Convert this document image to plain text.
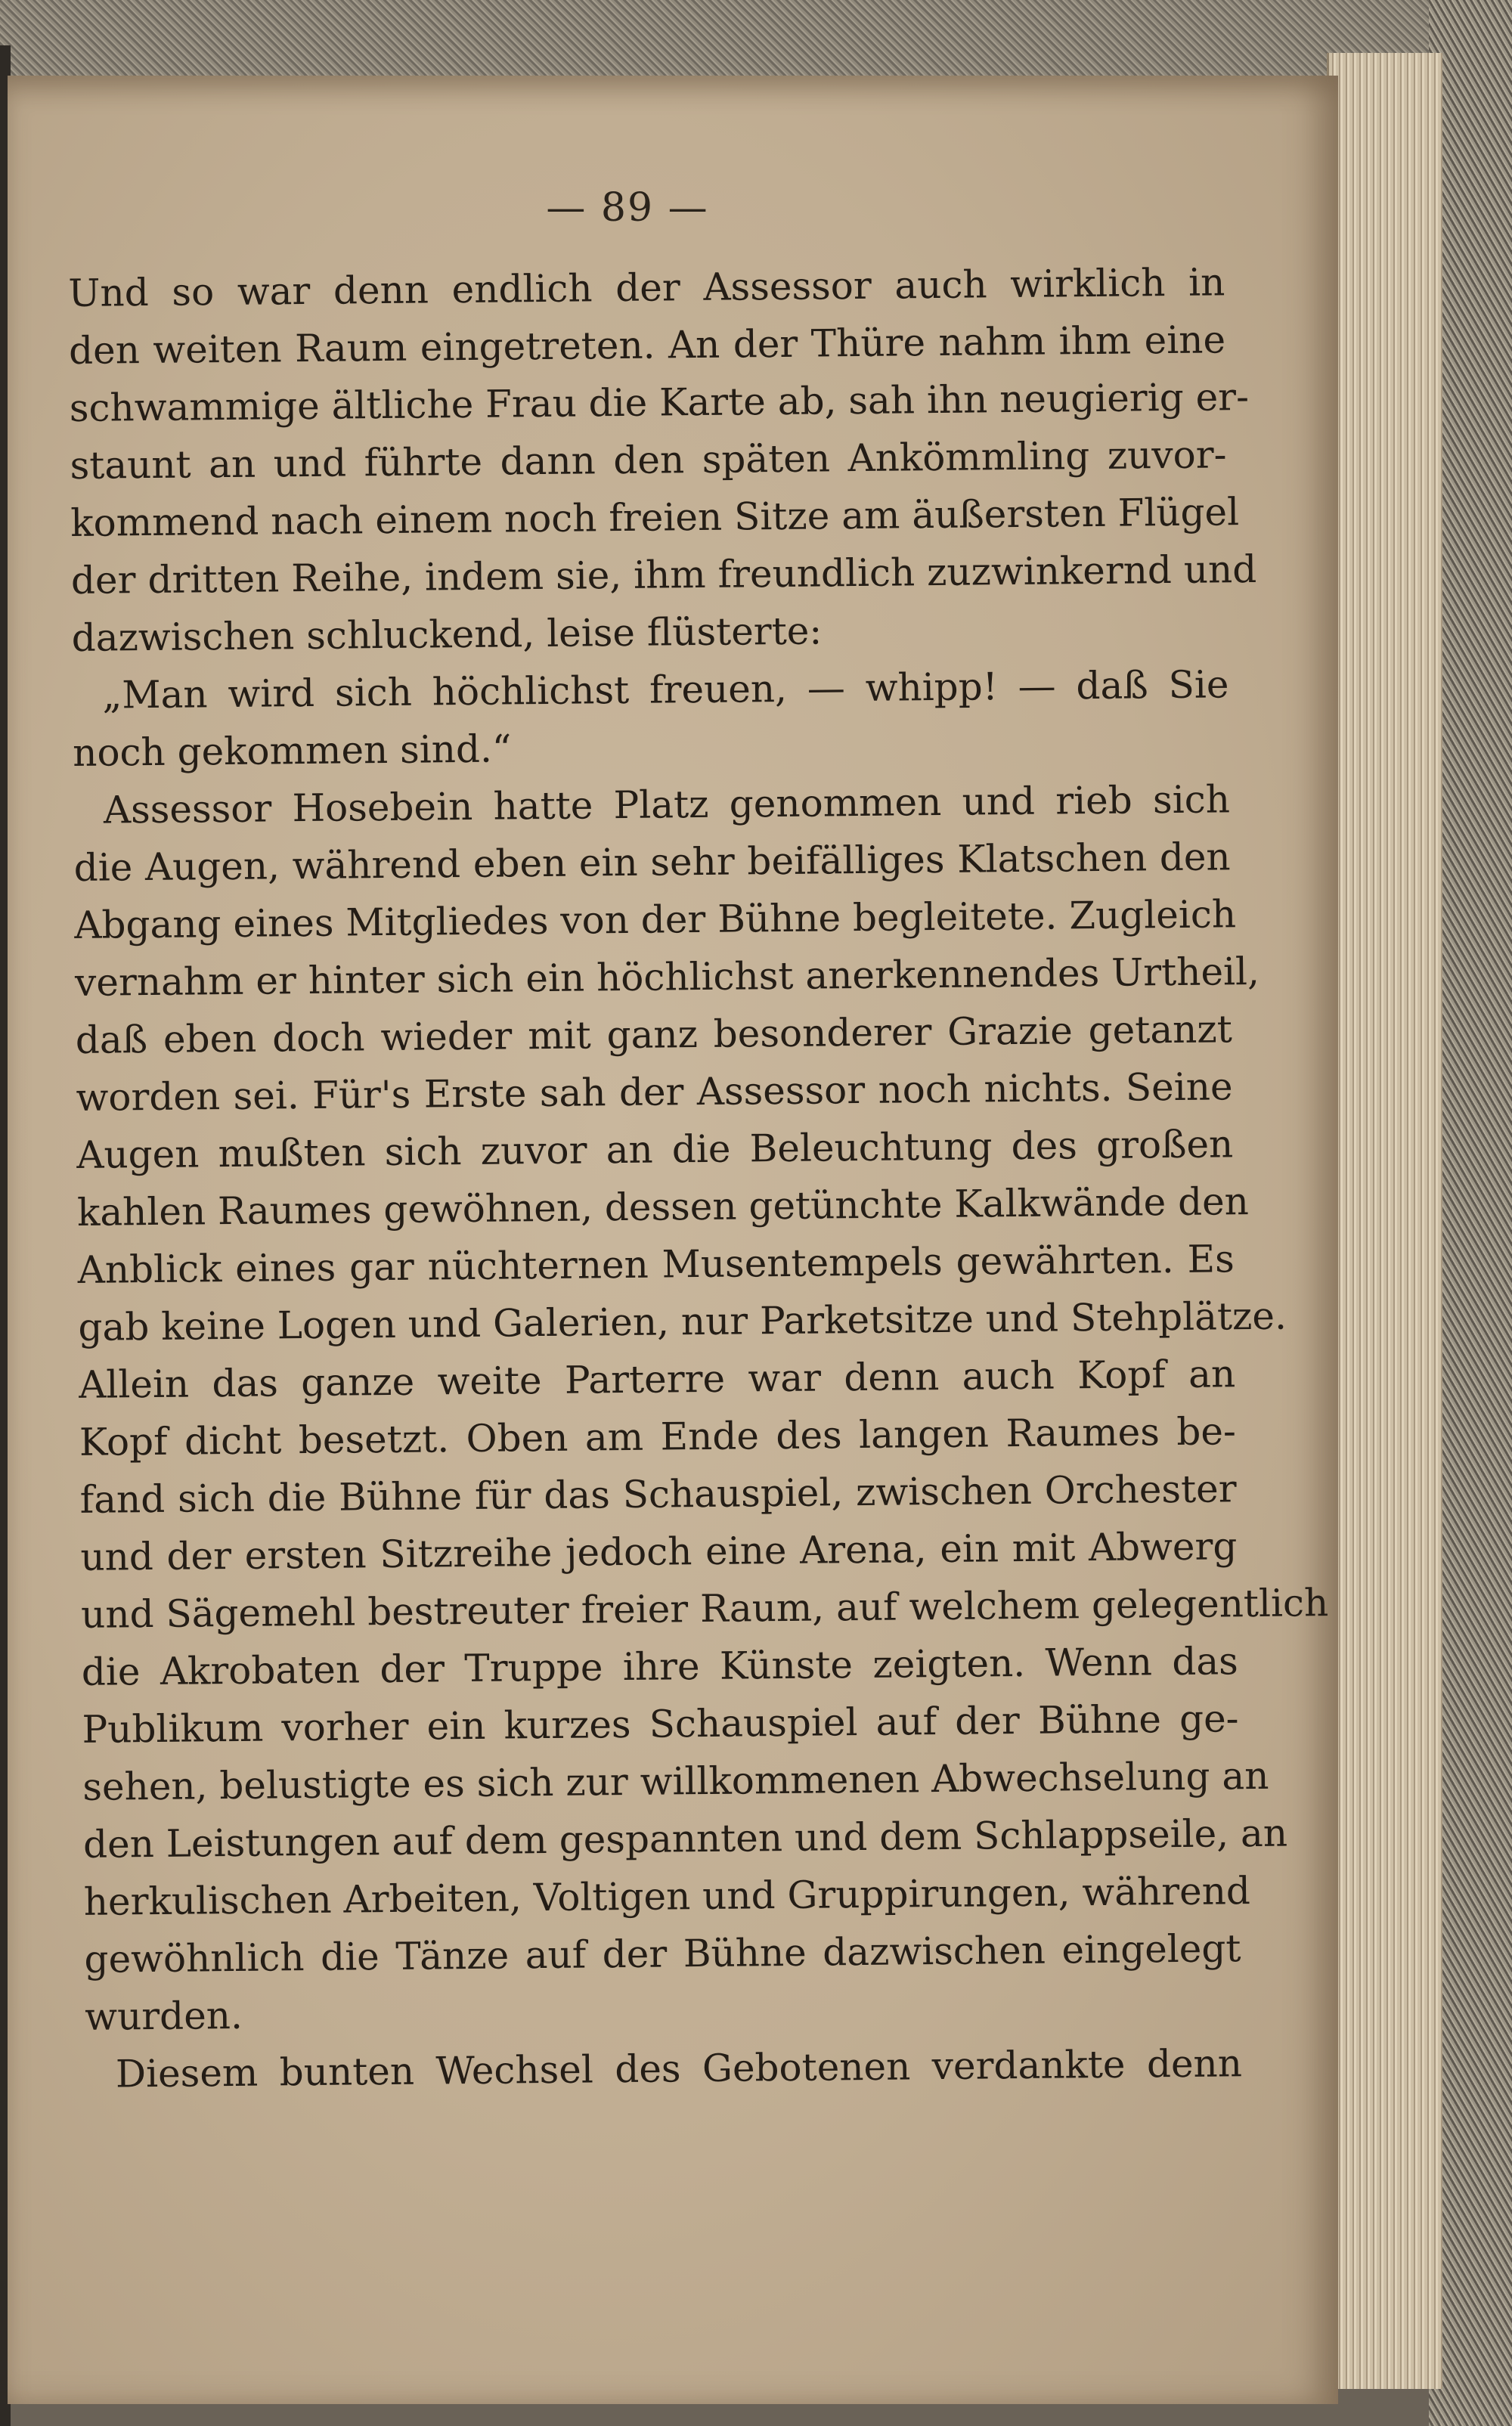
— 89 —
Und so war denn endlich der Assessor auch wirklich in
den weiten Raum eingetreten. An der Thüre nahm ihm eine
schwammige ältliche Frau die Karte ab, sah ihn neugierig er-
staunt an und führte dann den späten Ankömmling zuvor-
kommend nach einem noch freien Sitze am äußersten Flügel
der dritten Reihe, indem sie, ihm freundlich zuzwinkernd und
dazwischen schluckend, leise flüsterte:
„Man wird sich höchlichst freuen, — whipp! — daß Sie
noch gekommen sind.“
Assessor Hosebein hatte Platz genommen und rieb sich
die Augen, während eben ein sehr beifälliges Klatschen den
Abgang eines Mitgliedes von der Bühne begleitete. Zugleich
vernahm er hinter sich ein höchlichst anerkennendes Urtheil,
daß eben doch wieder mit ganz besonderer Grazie getanzt
worden sei. Für's Erste sah der Assessor noch nichts. Seine
Augen mußten sich zuvor an die Beleuchtung des großen
kahlen Raumes gewöhnen, dessen getünchte Kalkwände den
Anblick eines gar nüchternen Musentempels gewährten. Es
gab keine Logen und Galerien, nur Parketsitze und Stehplätze.
Allein das ganze weite Parterre war denn auch Kopf an
Kopf dicht besetzt. Oben am Ende des langen Raumes be-
fand sich die Bühne für das Schauspiel, zwischen Orchester
und der ersten Sitzreihe jedoch eine Arena, ein mit Abwerg
und Sägemehl bestreuter freier Raum, auf welchem gelegentlich
die Akrobaten der Truppe ihre Künste zeigten. Wenn das
Publikum vorher ein kurzes Schauspiel auf der Bühne ge-
sehen, belustigte es sich zur willkommenen Abwechselung an
den Leistungen auf dem gespannten und dem Schlappseile, an
herkulischen Arbeiten, Voltigen und Gruppirungen, während
gewöhnlich die Tänze auf der Bühne dazwischen eingelegt
wurden.
Diesem bunten Wechsel des Gebotenen verdankte denn
